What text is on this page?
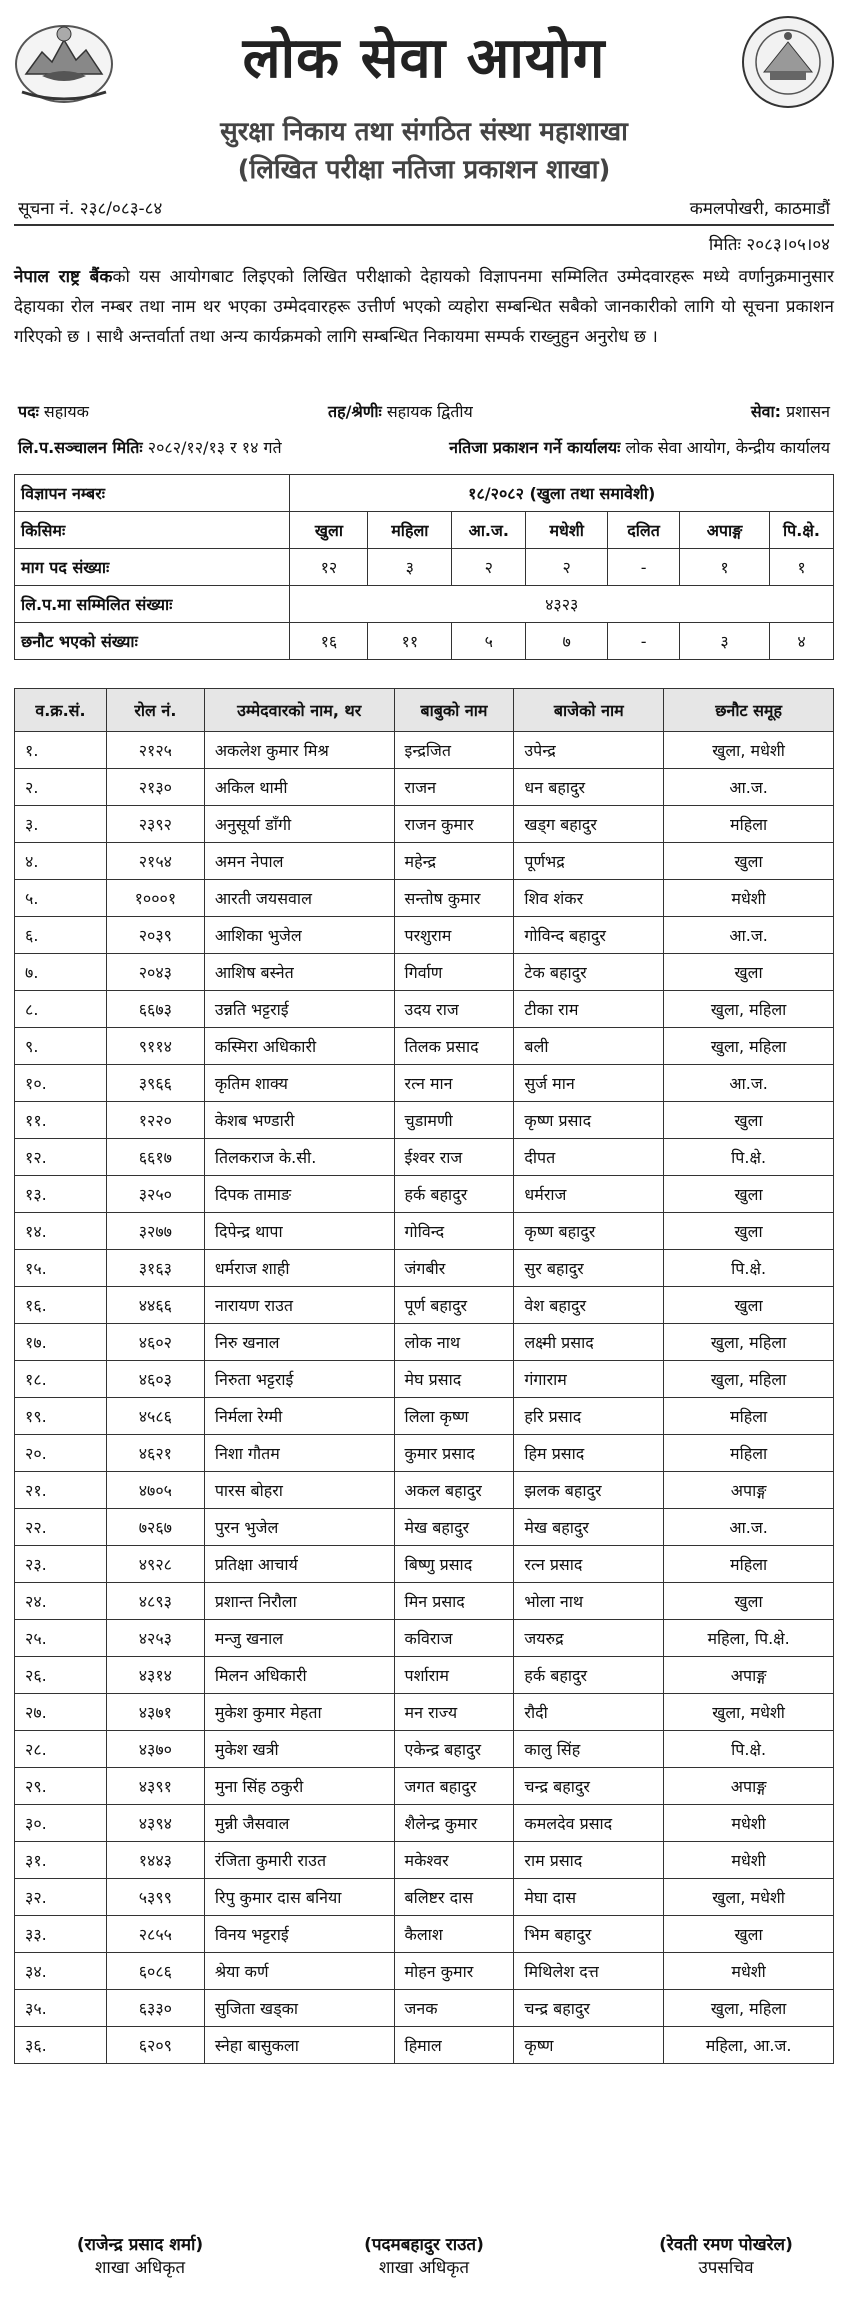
लोक सेवा आयोग
सुरक्षा निकाय तथा संगठित संस्था महाशाखा
(लिखित परीक्षा नतिजा प्रकाशन शाखा)
सूचना नं. २३८/०८३-८४	कमलपोखरी, काठमाडौं
मितिः २०८३।०५।०४
नेपाल राष्ट्र बैंकको यस आयोगबाट लिइएको लिखित परीक्षाको देहायको विज्ञापनमा सम्मिलित उम्मेदवारहरू मध्ये वर्णानुक्रमानुसार देहायका रोल नम्बर तथा नाम थर भएका उम्मेदवारहरू उत्तीर्ण भएको व्यहोरा सम्बन्धित सबैको जानकारीको लागि यो सूचना प्रकाशन गरिएको छ । साथै अन्तर्वार्ता तथा अन्य कार्यक्रमको लागि सम्बन्धित निकायमा सम्पर्क राख्नुहुन अनुरोध छ ।
पदः सहायक	तह/श्रेणीः सहायक द्वितीय	सेवा: प्रशासन
लि.प.सञ्चालन मितिः २०८२/१२/१३ र १४ गते	नतिजा प्रकाशन गर्ने कार्यालयः लोक सेवा आयोग, केन्द्रीय कार्यालय
विज्ञापन नम्बरः	१८/२०८२ (खुला तथा समावेशी)						
किसिमः	खुला	महिला	आ.ज.	मधेशी	दलित	अपाङ्ग	पि.क्षे.
माग पद संख्याः	१२	३	२	२	-	१	१
लि.प.मा सम्मिलित संख्याः	४३२३						
छनौट भएको संख्याः	१६	११	५	७	-	३	४
व.क्र.सं.	रोल नं.	उम्मेदवारको नाम, थर	बाबुको नाम	बाजेको नाम	छनौट समूह
१.	२१२५	अकलेश कुमार मिश्र	इन्द्रजित	उपेन्द्र	खुला, मधेशी
२.	२१३०	अकिल थामी	राजन	धन बहादुर	आ.ज.
३.	२३९२	अनुसूर्या डाँगी	राजन कुमार	खड्ग बहादुर	महिला
४.	२१५४	अमन नेपाल	महेन्द्र	पूर्णभद्र	खुला
५.	१०००१	आरती जयसवाल	सन्तोष कुमार	शिव शंकर	मधेशी
६.	२०३९	आशिका भुजेल	परशुराम	गोविन्द बहादुर	आ.ज.
७.	२०४३	आशिष बस्नेत	गिर्वाण	टेक बहादुर	खुला
८.	६६७३	उन्नति भट्टराई	उदय राज	टीका राम	खुला, महिला
९.	९११४	कस्मिरा अधिकारी	तिलक प्रसाद	बली	खुला, महिला
१०.	३९६६	कृतिम शाक्य	रत्न मान	सुर्ज मान	आ.ज.
११.	१२२०	केशब भण्डारी	चुडामणी	कृष्ण प्रसाद	खुला
१२.	६६१७	तिलकराज के.सी.	ईश्वर राज	दीपत	पि.क्षे.
१३.	३२५०	दिपक तामाङ	हर्क बहादुर	धर्मराज	खुला
१४.	३२७७	दिपेन्द्र थापा	गोविन्द	कृष्ण बहादुर	खुला
१५.	३१६३	धर्मराज शाही	जंगबीर	सुर बहादुर	पि.क्षे.
१६.	४४६६	नारायण राउत	पूर्ण बहादुर	वेश बहादुर	खुला
१७.	४६०२	निरु खनाल	लोक नाथ	लक्ष्मी प्रसाद	खुला, महिला
१८.	४६०३	निरुता भट्टराई	मेघ प्रसाद	गंगाराम	खुला, महिला
१९.	४५८६	निर्मला रेग्मी	लिला कृष्ण	हरि प्रसाद	महिला
२०.	४६२१	निशा गौतम	कुमार प्रसाद	हिम प्रसाद	महिला
२१.	४७०५	पारस बोहरा	अकल बहादुर	झलक बहादुर	अपाङ्ग
२२.	७२६७	पुरन भुजेल	मेख बहादुर	मेख बहादुर	आ.ज.
२३.	४९२८	प्रतिक्षा आचार्य	बिष्णु प्रसाद	रत्न प्रसाद	महिला
२४.	४८९३	प्रशान्त निरौला	मिन प्रसाद	भोला नाथ	खुला
२५.	४२५३	मन्जु खनाल	कविराज	जयरुद्र	महिला, पि.क्षे.
२६.	४३१४	मिलन अधिकारी	पर्शाराम	हर्क बहादुर	अपाङ्ग
२७.	४३७१	मुकेश कुमार मेहता	मन राज्य	रौदी	खुला, मधेशी
२८.	४३७०	मुकेश खत्री	एकेन्द्र बहादुर	कालु सिंह	पि.क्षे.
२९.	४३९१	मुना सिंह ठकुरी	जगत बहादुर	चन्द्र बहादुर	अपाङ्ग
३०.	४३९४	मुन्नी जैसवाल	शैलेन्द्र कुमार	कमलदेव प्रसाद	मधेशी
३१.	१४४३	रंजिता कुमारी राउत	मकेश्वर	राम प्रसाद	मधेशी
३२.	५३९९	रिपु कुमार दास बनिया	बलिष्टर दास	मेघा दास	खुला, मधेशी
३३.	२८५५	विनय भट्टराई	कैलाश	भिम बहादुर	खुला
३४.	६०८६	श्रेया कर्ण	मोहन कुमार	मिथिलेश दत्त	मधेशी
३५.	६३३०	सुजिता खड्का	जनक	चन्द्र बहादुर	खुला, महिला
३६.	६२०९	स्नेहा बासुकला	हिमाल	कृष्ण	महिला, आ.ज.
(राजेन्द्र प्रसाद शर्मा)
शाखा अधिकृत
(पदमबहादुर राउत)
शाखा अधिकृत
(रेवती रमण पोखरेल)
उपसचिव
